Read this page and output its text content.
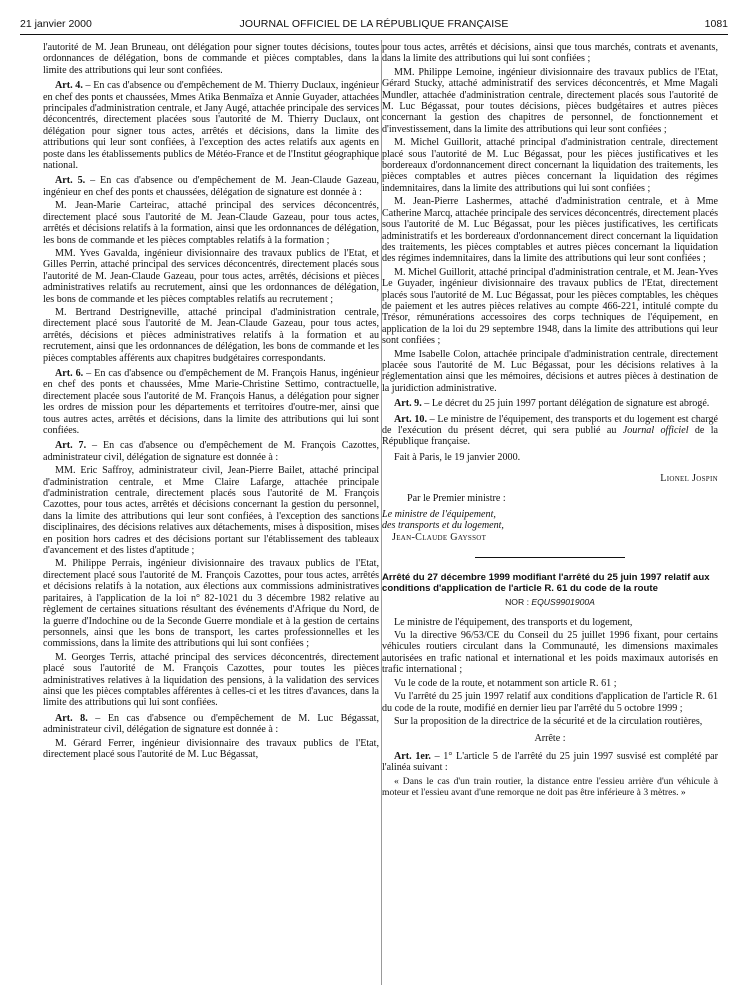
21 janvier 2000	JOURNAL OFFICIEL DE LA RÉPUBLIQUE FRANÇAISE	1081

l'autorité de M. Jean Bruneau, ont délégation pour signer toutes décisions, toutes ordonnances de délégation, bons de commande et pièces comptables, dans la limite des attributions qui leur sont confiées.

Art. 4. – En cas d'absence ou d'empêchement de M. Thierry Duclaux, ingénieur en chef des ponts et chaussées, Mmes Atika Benmaïza et Annie Guyader, attachées principales d'administration centrale, et Jany Augé, attachée principale des services déconcentrés, directement placées sous l'autorité de M. Thierry Duclaux, ont délégation pour signer tous actes, arrêtés et décisions, dans la limite des attributions qui leur sont confiées, à l'exception des actes relatifs aux agents en poste dans les établissements publics de Météo-France et de l'Institut géographique national.

Art. 5. – En cas d'absence ou d'empêchement de M. Jean-Claude Gazeau, ingénieur en chef des ponts et chaussées, délégation de signature est donnée à :

M. Jean-Marie Carteirac, attaché principal des services déconcentrés, directement placé sous l'autorité de M. Jean-Claude Gazeau, pour tous actes, arrêtés et décisions relatifs à la formation, ainsi que les ordonnances de délégation, les bons de commande et les pièces comptables relatifs à la formation ;

MM. Yves Gavalda, ingénieur divisionnaire des travaux publics de l'Etat, et Gilles Perrin, attaché principal des services déconcentrés, directement placés sous l'autorité de M. Jean-Claude Gazeau, pour tous actes, arrêtés, décisions et pièces administratives relatifs au recrutement, ainsi que les ordonnances de délégation, les bons de commande et les pièces comptables relatifs au recrutement ;

M. Bertrand Destrigneville, attaché principal d'administration centrale, directement placé sous l'autorité de M. Jean-Claude Gazeau, pour tous actes, arrêtés, décisions et pièces administratives relatifs à la formation et au recrutement, ainsi que les ordonnances de délégation, les bons de commande et les pièces comptables afférents aux chapitres budgétaires correspondants.

Art. 6. – En cas d'absence ou d'empêchement de M. François Hanus, ingénieur en chef des ponts et chaussées, Mme Marie-Christine Settimo, contractuelle, directement placée sous l'autorité de M. François Hanus, a délégation pour signer les ordres de mission pour les départements et territoires d'outre-mer, ainsi que tous autres actes, arrêtés et décisions, dans la limite des attributions qui lui sont confiées.

Art. 7. – En cas d'absence ou d'empêchement de M. François Cazottes, administrateur civil, délégation de signature est donnée à :

MM. Eric Saffroy, administrateur civil, Jean-Pierre Bailet, attaché principal d'administration centrale, et Mme Claire Lafarge, attachée principale d'administration centrale, directement placés sous l'autorité de M. François Cazottes, pour tous actes, arrêtés et décisions concernant la gestion du personnel, dans la limite des attributions qui leur sont confiées, à l'exception des sanctions disciplinaires, des décisions relatives aux détachements, mises à disposition, mises en position hors cadres et des décisions portant sur l'établissement des tableaux d'avancement et des listes d'aptitude ;

M. Philippe Perrais, ingénieur divisionnaire des travaux publics de l'Etat, directement placé sous l'autorité de M. François Cazottes, pour tous actes, arrêtés et décisions relatifs à la notation, aux élections aux commissions administratives paritaires, à l'application de la loi n° 82-1021 du 3 décembre 1982 relative au règlement de certaines situations résultant des événements d'Afrique du Nord, de la guerre d'Indochine ou de la Seconde Guerre mondiale et à la gestion de certains personnels, ainsi que les bons de transport, les cartes professionnelles et les commissions, dans la limite des attributions qui lui sont confiées ;

M. Georges Terris, attaché principal des services déconcentrés, directement placé sous l'autorité de M. François Cazottes, pour toutes les pièces administratives relatives à la liquidation des pensions, à la validation des services ainsi que les pièces comptables afférentes à celles-ci et les titres d'avances, dans la limite des attributions qui lui sont confiées.

Art. 8. – En cas d'absence ou d'empêchement de M. Luc Bégassat, administrateur civil, délégation de signature est donnée à :

M. Gérard Ferrer, ingénieur divisionnaire des travaux publics de l'Etat, directement placé sous l'autorité de M. Luc Bégassat,

pour tous actes, arrêtés et décisions, ainsi que tous marchés, contrats et avenants, dans la limite des attributions qui lui sont confiées ;

MM. Philippe Lemoine, ingénieur divisionnaire des travaux publics de l'Etat, Gérard Stucky, attaché administratif des services déconcentrés, et Mme Magali Mundler, attachée d'administration centrale, directement placés sous l'autorité de M. Luc Bégassat, pour toutes décisions, pièces budgétaires et autres pièces concernant la gestion des chapitres de personnel, de fonctionnement et d'investissement, dans la limite des attributions qui leur sont confiées ;

M. Michel Guillorit, attaché principal d'administration centrale, directement placé sous l'autorité de M. Luc Bégassat, pour les pièces justificatives et les bordereaux d'ordonnancement direct concernant la liquidation des traitements, les pièces comptables et autres pièces concernant la liquidation des régimes indemnitaires, dans la limite des attributions qui lui sont confiées ;

M. Jean-Pierre Lashermes, attaché d'administration centrale, et à Mme Catherine Marcq, attachée principale des services déconcentrés, directement placés sous l'autorité de M. Luc Bégassat, pour les pièces justificatives, les certificats administratifs et les bordereaux d'ordonnancement direct concernant la liquidation des traitements, les pièces comptables et autres pièces concernant la liquidation des régimes indemnitaires, dans la limite des attributions qui leur sont confiées ;

M. Michel Guillorit, attaché principal d'administration centrale, et M. Jean-Yves Le Guyader, ingénieur divisionnaire des travaux publics de l'Etat, directement placés sous l'autorité de M. Luc Bégassat, pour les pièces comptables, les chèques de paiement et les autres pièces relatives au compte 466-221, intitulé compte du Trésor, rémunérations accessoires des corps techniques de l'équipement, en application de la loi du 29 septembre 1948, dans la limite des attributions qui leur sont confiées ;

Mme Isabelle Colon, attachée principale d'administration centrale, directement placée sous l'autorité de M. Luc Bégassat, pour les décisions relatives à la réglementation ainsi que les mémoires, décisions et autres pièces à destination de la juridiction administrative.

Art. 9. – Le décret du 25 juin 1997 portant délégation de signature est abrogé.

Art. 10. – Le ministre de l'équipement, des transports et du logement est chargé de l'exécution du présent décret, qui sera publié au Journal officiel de la République française.

Fait à Paris, le 19 janvier 2000.

Lionel Jospin

Par le Premier ministre :

Le ministre de l'équipement,

des transports et du logement,

Jean-Claude Gayssot

Arrêté du 27 décembre 1999 modifiant l'arrêté du 25 juin 1997 relatif aux conditions d'application de l'article R. 61 du code de la route

NOR : EQUS9901900A

Le ministre de l'équipement, des transports et du logement,

Vu la directive 96/53/CE du Conseil du 25 juillet 1996 fixant, pour certains véhicules routiers circulant dans la Communauté, les dimensions maximales autorisées en trafic national et international et les poids maximaux autorisés en trafic international ;

Vu le code de la route, et notamment son article R. 61 ;

Vu l'arrêté du 25 juin 1997 relatif aux conditions d'application de l'article R. 61 du code de la route, modifié en dernier lieu par l'arrêté du 5 octobre 1999 ;

Sur la proposition de la directrice de la sécurité et de la circulation routières,

Arrête :

Art. 1er. – 1° L'article 5 de l'arrêté du 25 juin 1997 susvisé est complété par l'alinéa suivant :

« Dans le cas d'un train routier, la distance entre l'essieu arrière d'un véhicule à moteur et l'essieu avant d'une remorque ne doit pas être inférieure à 3 mètres. »
